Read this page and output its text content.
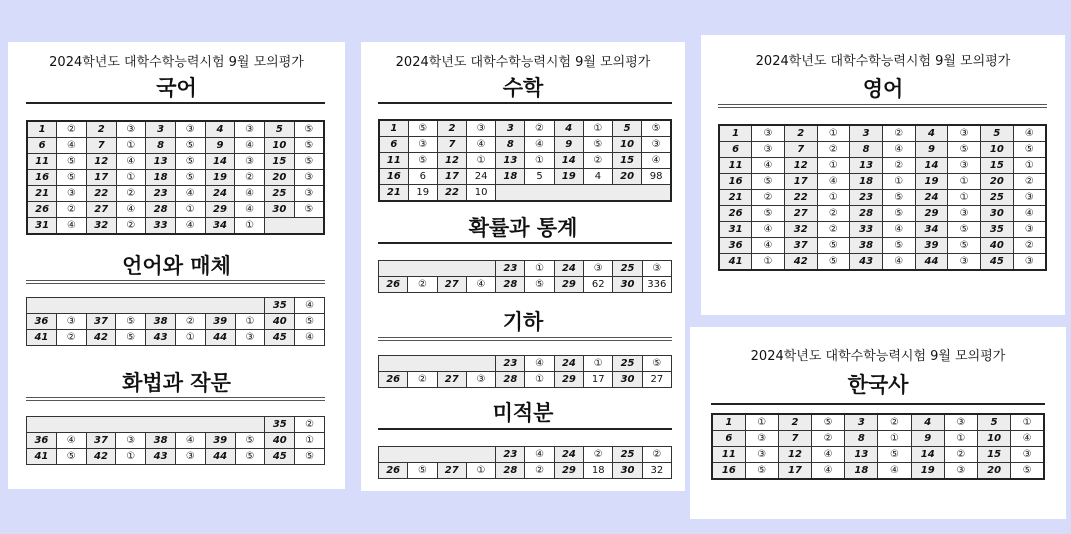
2024학년도 대학수학능력시험 9월 모의평가
국어
1	②	2	③	3	③	4	③	5	⑤
6	④	7	①	8	⑤	9	④	10	⑤
11	⑤	12	④	13	⑤	14	③	15	⑤
16	⑤	17	①	18	⑤	19	②	20	③
21	③	22	②	23	④	24	④	25	③
26	②	27	④	28	①	29	④	30	⑤
31	④	32	②	33	④	34	①		
언어와 매체
								35	④
36	③	37	⑤	38	②	39	①	40	⑤
41	②	42	⑤	43	①	44	③	45	④
화법과 작문
								35	②
36	④	37	③	38	④	39	⑤	40	①
41	⑤	42	①	43	③	44	⑤	45	⑤
2024학년도 대학수학능력시험 9월 모의평가
수학
1	⑤	2	③	3	②	4	①	5	⑤
6	③	7	④	8	④	9	⑤	10	③
11	⑤	12	①	13	①	14	②	15	④
16	6	17	24	18	5	19	4	20	98
21	19	22	10						
확률과 통계
				23	①	24	③	25	③
26	②	27	④	28	⑤	29	62	30	336
기하
				23	④	24	①	25	⑤
26	②	27	③	28	①	29	17	30	27
미적분
				23	④	24	②	25	②
26	⑤	27	①	28	②	29	18	30	32
2024학년도 대학수학능력시험 9월 모의평가
영어
1	③	2	①	3	②	4	③	5	④
6	③	7	②	8	④	9	⑤	10	⑤
11	④	12	①	13	②	14	③	15	①
16	⑤	17	④	18	①	19	①	20	②
21	②	22	①	23	⑤	24	①	25	③
26	⑤	27	②	28	⑤	29	③	30	④
31	④	32	②	33	④	34	⑤	35	③
36	④	37	⑤	38	⑤	39	⑤	40	②
41	①	42	⑤	43	④	44	③	45	③
2024학년도 대학수학능력시험 9월 모의평가
한국사
1	①	2	⑤	3	②	4	③	5	①
6	③	7	②	8	①	9	①	10	④
11	③	12	④	13	⑤	14	②	15	③
16	⑤	17	④	18	④	19	③	20	⑤
